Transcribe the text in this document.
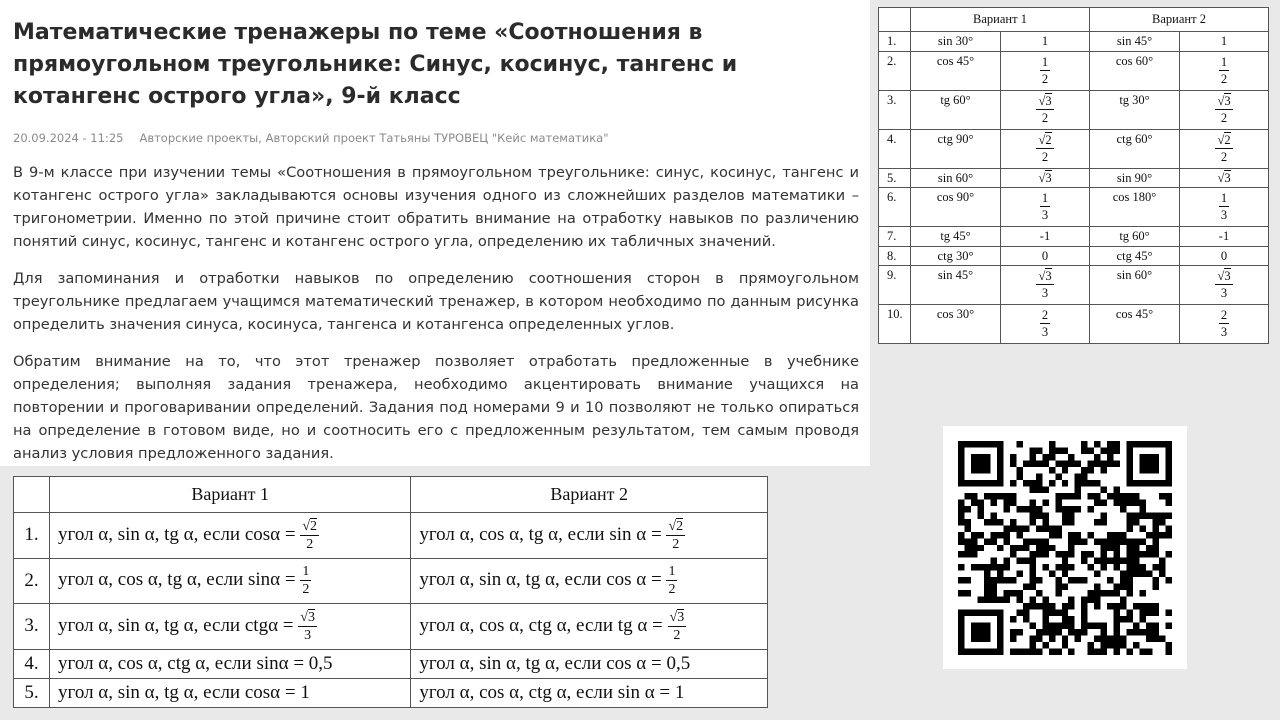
Математические тренажеры по теме «Соотношения в прямоугольном треугольнике: Синус, косинус, тангенс и котангенс острого угла», 9-й класс
20.09.2024 - 11:25 Авторские проекты, Авторский проект Татьяны ТУРОВЕЦ "Кейс математика"

В 9-м классе при изучении темы «Соотношения в прямоугольном треугольнике: синус, косинус, тангенс и котангенс острого угла» закладываются основы изучения одного из сложнейших разделов математики – тригонометрии. Именно по этой причине стоит обратить внимание на отработку навыков по различению понятий синус, косинус, тангенс и котангенс острого угла, определению их табличных значений.

Для запоминания и отработки навыков по определению соотношения сторон в прямоугольном треугольнике предлагаем учащимся математический тренажер, в котором необходимо по данным рисунка определить значения синуса, косинуса, тангенса и котангенса определенных углов.

Обратим внимание на то, что этот тренажер позволяет отработать предложенные в учебнике определения; выполняя задания тренажера, необходимо акцентировать внимание учащихся на повторении и проговаривании определений. Задания под номерами 9 и 10 позволяют не только опираться на определение в готовом виде, но и соотносить его с предложенным результатом, тем самым проводя анализ условия предложенного задания.

	Вариант 1		Вариант 2	
1.	sin 30°	1	sin 45°	1
2.	cos 45°	$\frac{1}{2}$	cos 60°	$\frac{1}{2}$

3.	tg 60°	√ $\frac{3}{2}$	tg 30°	√ $\frac{3}{2}$

4.	ctg 90°	√ $\frac{2}{2}$	ctg 60°	√ $\frac{2}{2}$

5.	sin 60°	√ 3	sin 90°	√ 3
6.	cos 90°	$\frac{1}{3}$	cos 180°	$\frac{1}{3}$

7.	tg 45°	-1	tg 60°	-1
8.	ctg 30°	0	ctg 45°	0
9.	sin 45°	√ $\frac{3}{3}$	sin 60°	√ $\frac{3}{3}$

10.	cos 30°	$\frac{2}{3}$	cos 45°	$\frac{2}{3}$
	Вариант 1	Вариант 2
1.	угол α, sin α, tg α, если cosα = √ $\frac{2}{2}$	угол α, cos α, tg α, если sin α = √ $\frac{2}{2}$

2.	угол α, cos α, tg α, если $\sin\alpha = \frac{1}{2}$	угол α, sin α, tg α, если $\cos \alpha = \frac{1}{2}$

3.	угол α, sin α, tg α, если ctgα = √ $\frac{3}{3}$	угол α, cos α, ctg α, если tg α = √ $\frac{3}{2}$

4.	угол α, cos α, ctg α, если sinα = 0,5	угол α, sin α, tg α, если cos α = 0,5
5.	угол α, sin α, tg α, если cosα = 1	угол α, cos α, ctg α, если sin α = 1
